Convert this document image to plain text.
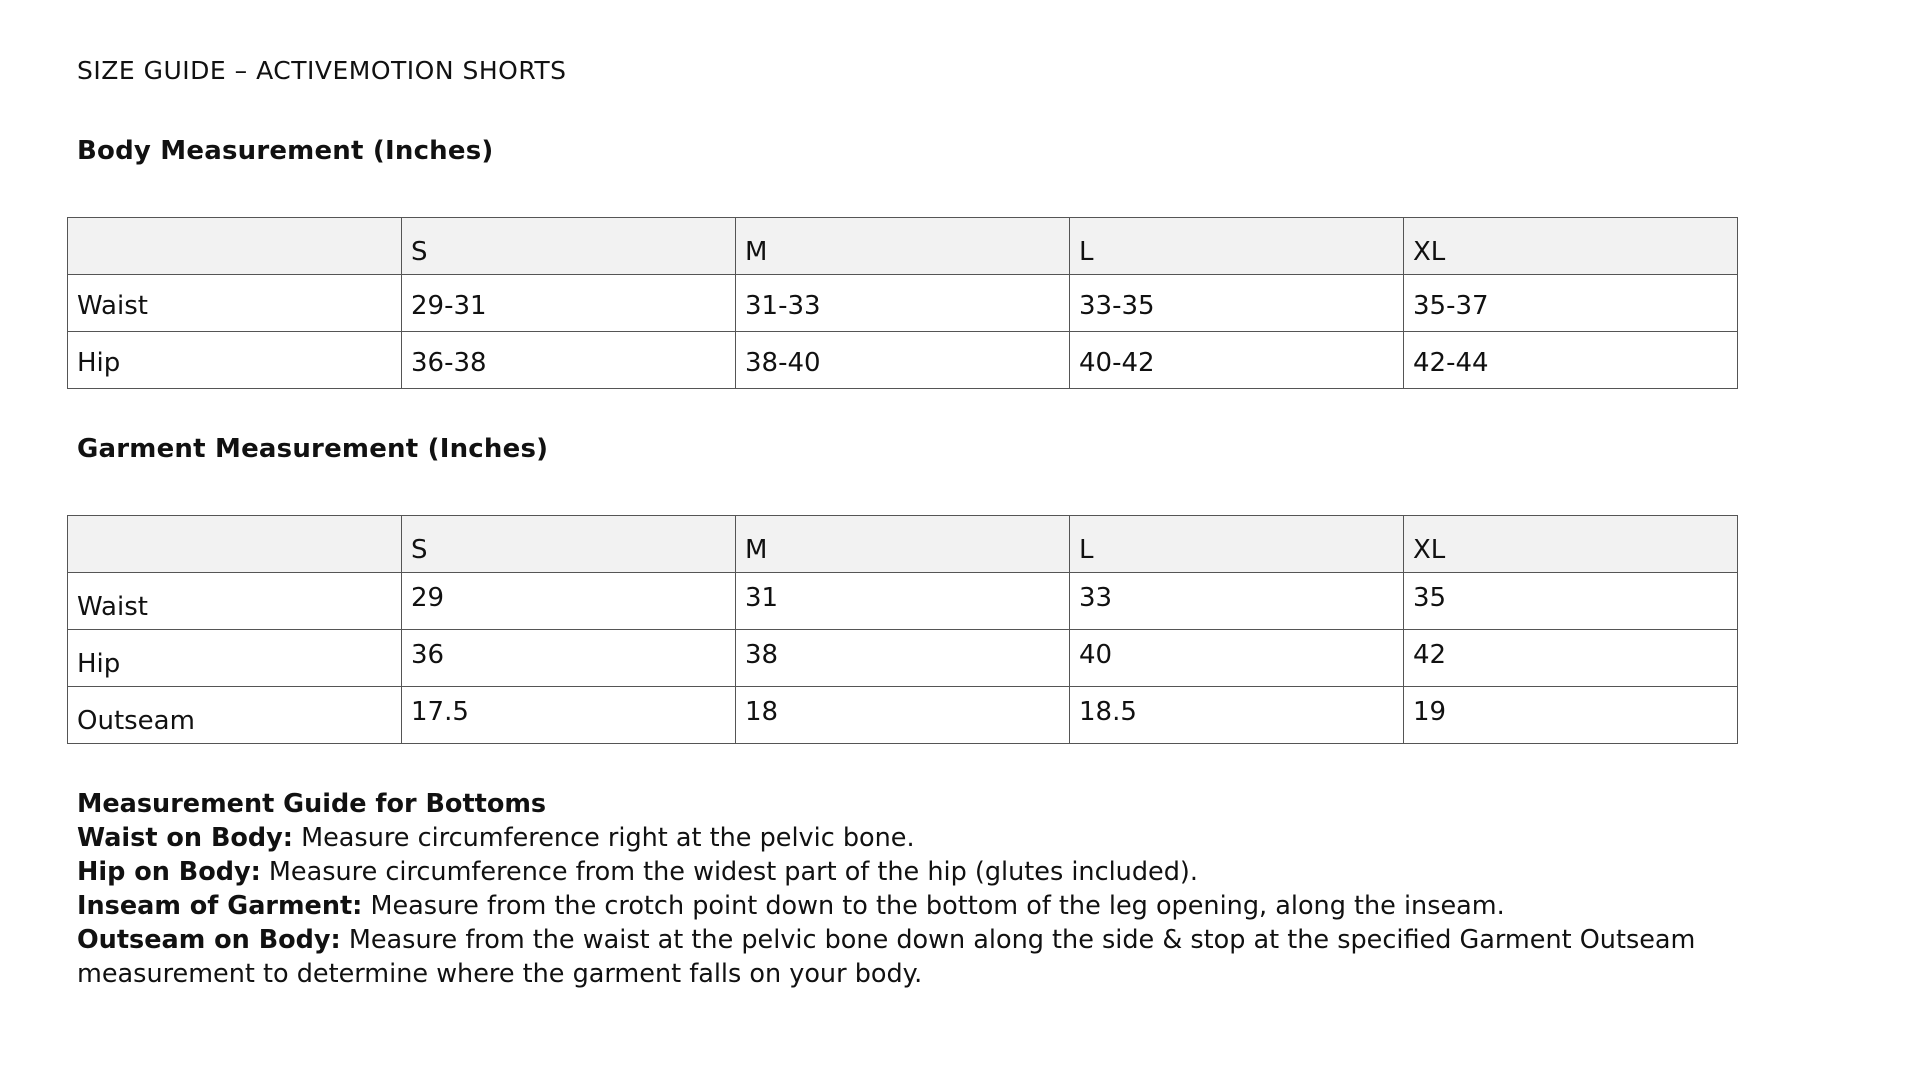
SIZE GUIDE – ACTIVEMOTION SHORTS
Body Measurement (Inches)
	S	M	L	XL
Waist	29-31	31-33	33-35	35-37
Hip	36-38	38-40	40-42	42-44
Garment Measurement (Inches)
	S	M	L	XL
Waist	29	31	33	35
Hip	36	38	40	42
Outseam	17.5	18	18.5	19
Measurement Guide for Bottoms
Waist on Body: Measure circumference right at the pelvic bone.
Hip on Body: Measure circumference from the widest part of the hip (glutes included).
Inseam of Garment: Measure from the crotch point down to the bottom of the leg opening, along the inseam.
Outseam on Body: Measure from the waist at the pelvic bone down along the side & stop at the specified Garment Outseam measurement to determine where the garment falls on your body.
